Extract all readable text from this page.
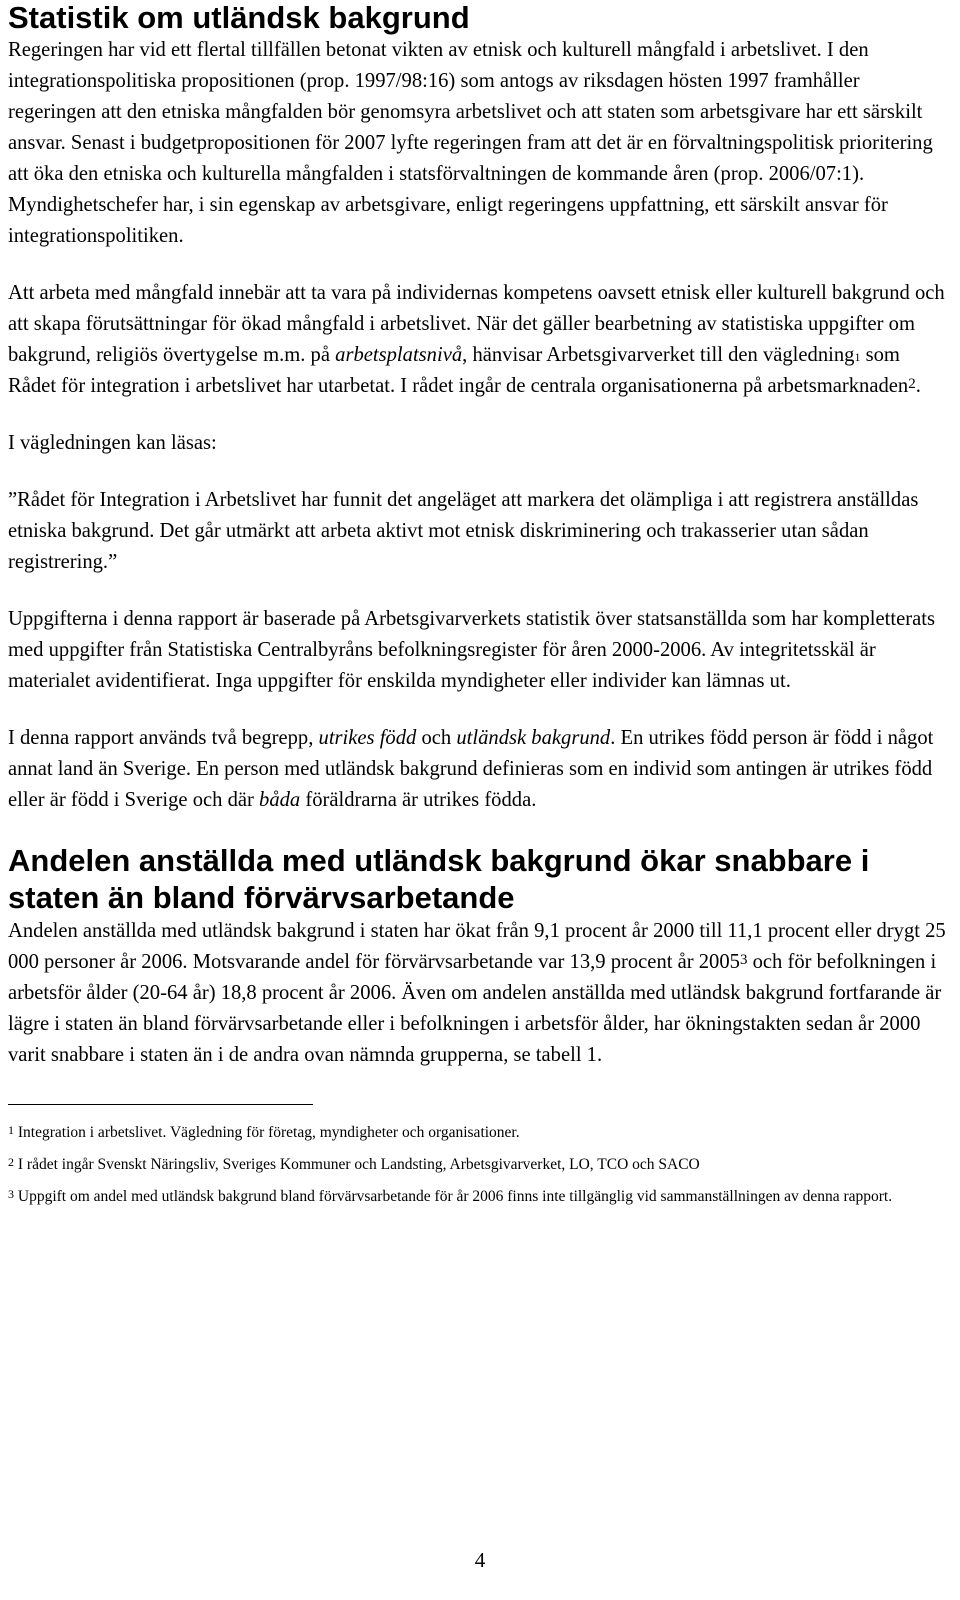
Statistik om utländsk bakgrund

Regeringen har vid ett flertal tillfällen betonat vikten av etnisk och kulturell mångfald i arbetslivet. I den integrationspolitiska propositionen (prop. 1997/98:16) som antogs av riksdagen hösten 1997 framhåller regeringen att den etniska mångfalden bör genomsyra arbetslivet och att staten som arbetsgivare har ett särskilt ansvar. Senast i budgetpropositionen för 2007 lyfte regeringen fram att det är en förvaltningspolitisk prioritering att öka den etniska och kulturella mångfalden i statsförvaltningen de kommande åren (prop. 2006/07:1). Myndighetschefer har, i sin egenskap av arbetsgivare, enligt regeringens uppfattning, ett särskilt ansvar för integrationspolitiken.

Att arbeta med mångfald innebär att ta vara på individernas kompetens oavsett etnisk eller kulturell bakgrund och att skapa förutsättningar för ökad mångfald i arbetslivet. När det gäller bearbetning av statistiska uppgifter om bakgrund, religiös övertygelse m.m. på arbetsplatsnivå, hänvisar Arbetsgivarverket till den vägledning$^1$ som Rådet för integration i arbetslivet har utarbetat. I rådet ingår de centrala organisationerna på arbetsmarknaden$^2$.

I vägledningen kan läsas:

”Rådet för Integration i Arbetslivet har funnit det angeläget att markera det olämpliga i att registrera anställdas etniska bakgrund. Det går utmärkt att arbeta aktivt mot etnisk diskriminering och trakasserier utan sådan registrering.”

Uppgifterna i denna rapport är baserade på Arbetsgivarverkets statistik över statsanställda som har kompletterats med uppgifter från Statistiska Centralbyråns befolkningsregister för åren 2000-2006. Av integritetsskäl är materialet avidentifierat. Inga uppgifter för enskilda myndigheter eller individer kan lämnas ut.

I denna rapport används två begrepp, utrikes född och utländsk bakgrund. En utrikes född person är född i något annat land än Sverige. En person med utländsk bakgrund definieras som en individ som antingen är utrikes född eller är född i Sverige och där båda föräldrarna är utrikes födda.

Andelen anställda med utländsk bakgrund ökar snabbare i staten än bland förvärvsarbetande

Andelen anställda med utländsk bakgrund i staten har ökat från 9,1 procent år 2000 till 11,1 procent eller drygt 25 000 personer år 2006. Motsvarande andel för förvärvsarbetande var 13,9 procent år 2005$^3$ och för befolkningen i arbetsför ålder (20-64 år) 18,8 procent år 2006. Även om andelen anställda med utländsk bakgrund fortfarande är lägre i staten än bland förvärvsarbetande eller i befolkningen i arbetsför ålder, har ökningstakten sedan år 2000 varit snabbare i staten än i de andra ovan nämnda grupperna, se tabell 1.

$^1$ Integration i arbetslivet. Vägledning för företag, myndigheter och organisationer.

$^2$ I rådet ingår Svenskt Näringsliv, Sveriges Kommuner och Landsting, Arbetsgivarverket, LO, TCO och SACO

$^3$ Uppgift om andel med utländsk bakgrund bland förvärvsarbetande för år 2006 finns inte tillgänglig vid sammanställningen av denna rapport.

4
